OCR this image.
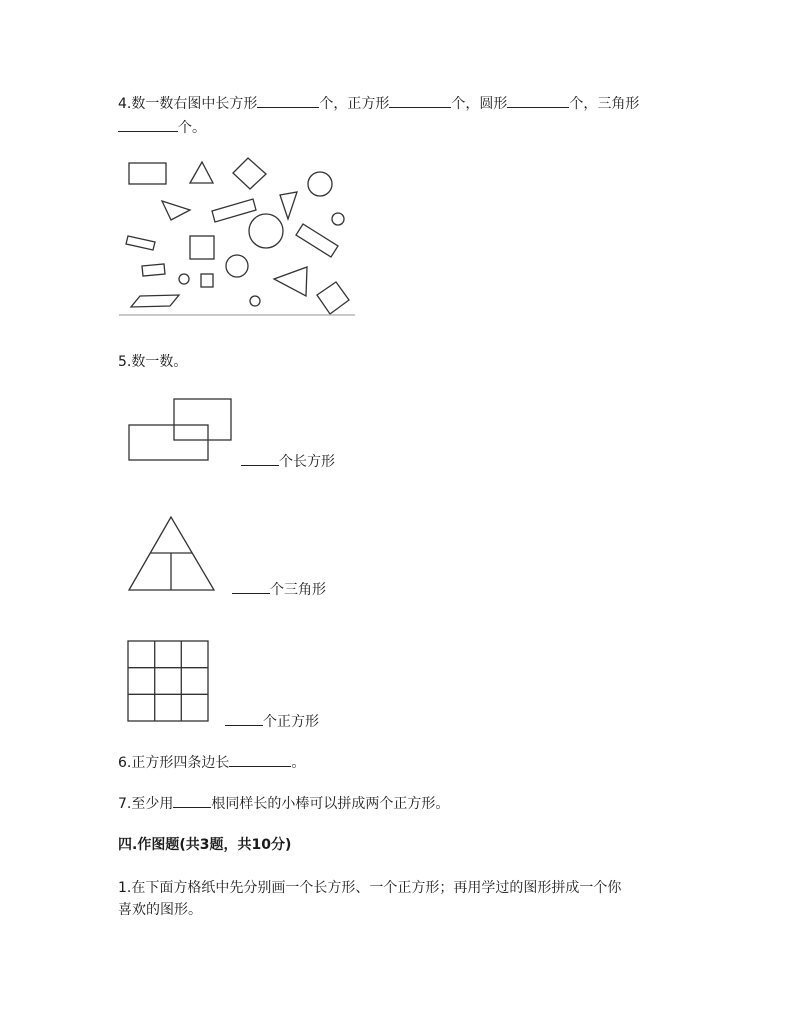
4.数一数右图中长方形	个，正方形	个，圆形	个，三角形
个。
5.数一数。
个长方形
个三角形
个正方形
6.正方形四条边长	。
7.至少用	根同样长的小棒可以拼成两个正方形。
四.作图题(共3题，共10分)
1.在下面方格纸中先分别画一个长方形、一个正方形；再用学过的图形拼成一个你
喜欢的图形。
